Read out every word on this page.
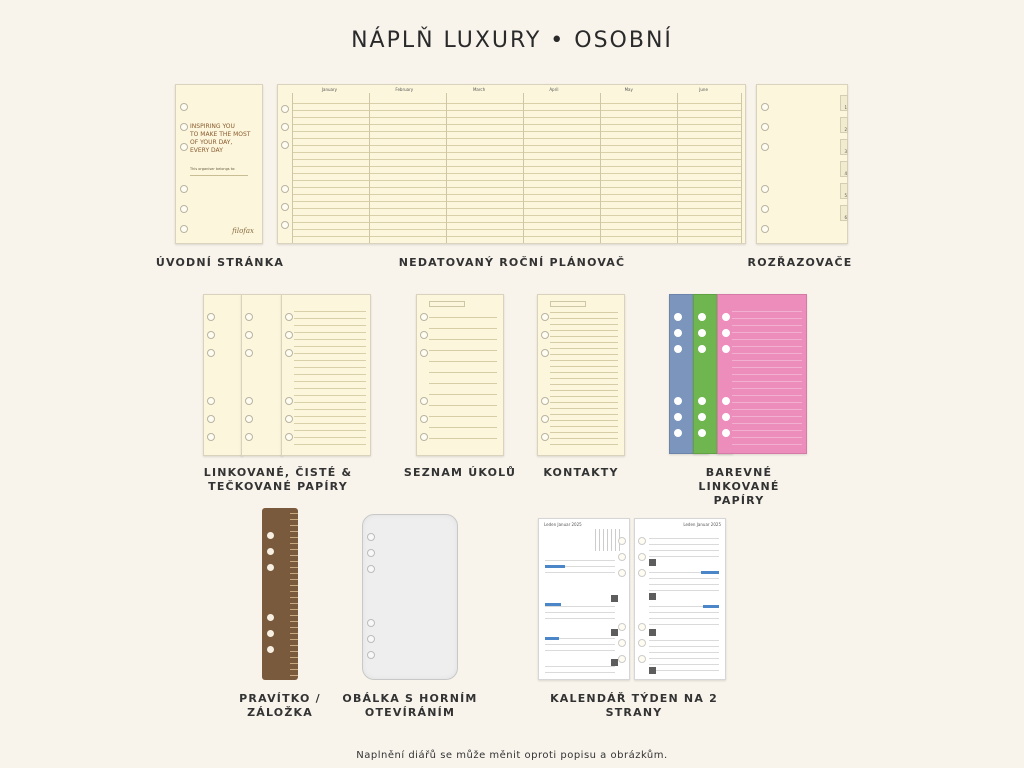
NÁPLŇ LUXURY • OSOBNÍ
INSPIRING YOU
TO MAKE THE MOST
OF YOUR DAY,
EVERY DAY
This organiser belongs to:
filofax
ÚVODNÍ STRÁNKA
January	February	March	April	May	June
NEDATOVANÝ ROČNÍ PLÁNOVAČ
1
2
3
4
5
6
ROZŘAZOVAČE
LINKOVANÉ, ČISTÉ &
TEČKOVANÉ PAPÍRY
SEZNAM ÚKOLŮ	KONTAKTY	BAREVNÉ LINKOVANÉ
PAPÍRY
PRAVÍTKO /
ZÁLOŽKA
OBÁLKA S HORNÍM
OTEVÍRÁNÍM
Leden Januar 2025	Leden Januar 2025
KALENDÁŘ TÝDEN NA 2 STRANY
Naplnění diářů se může měnit oproti popisu a obrázkům.
